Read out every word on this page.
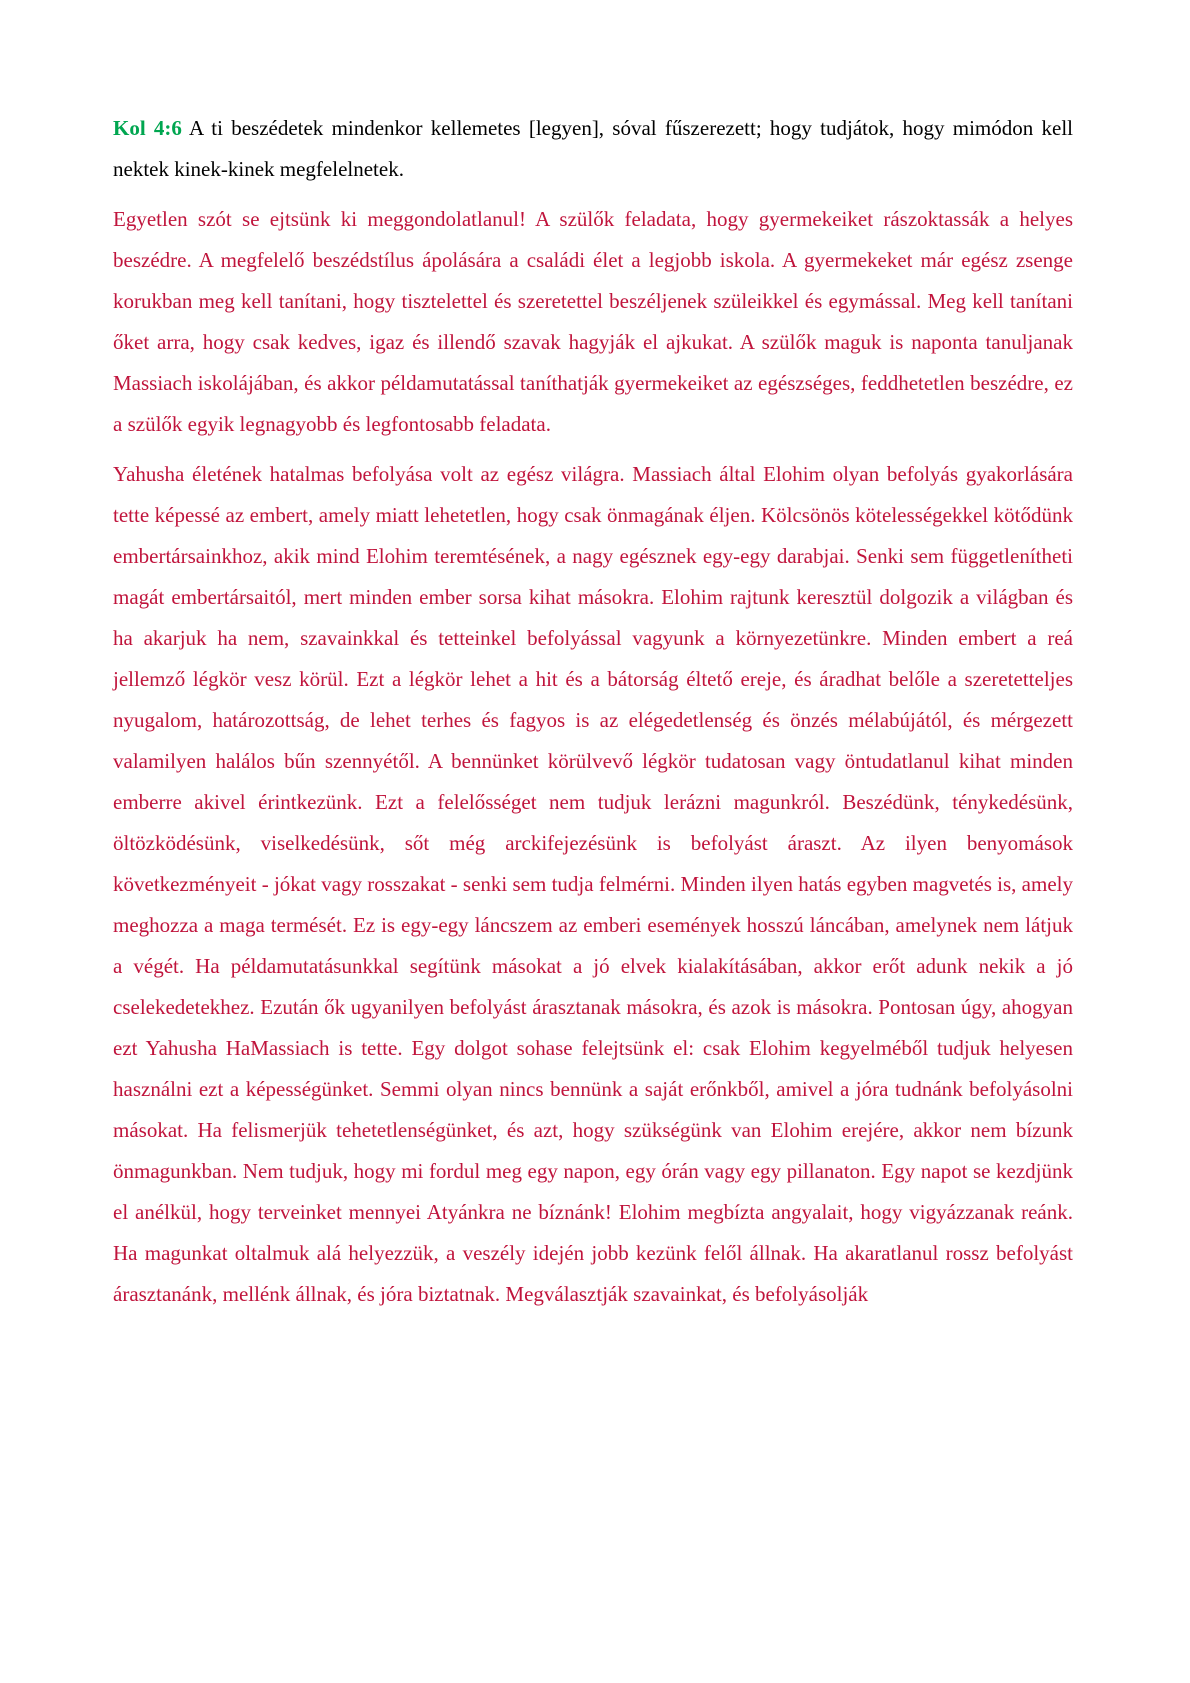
Kol 4:6 A ti beszédetek mindenkor kellemetes [legyen], sóval fűszerezett; hogy tudjátok, hogy mimódon kell nektek kinek-kinek megfelelnetek.

Egyetlen szót se ejtsünk ki meggondolatlanul! A szülők feladata, hogy gyermekeiket rászoktassák a helyes beszédre. A megfelelő beszédstílus ápolására a családi élet a legjobb iskola. A gyermekeket már egész zsenge korukban meg kell tanítani, hogy tisztelettel és szeretettel beszéljenek szüleikkel és egymással. Meg kell tanítani őket arra, hogy csak kedves, igaz és illendő szavak hagyják el ajkukat. A szülők maguk is naponta tanuljanak Massiach iskolájában, és akkor példamutatással taníthatják gyermekeiket az egészséges, feddhetetlen beszédre, ez a szülők egyik legnagyobb és legfontosabb feladata.

Yahusha életének hatalmas befolyása volt az egész világra. Massiach által Elohim olyan befolyás gyakorlására tette képessé az embert, amely miatt lehetetlen, hogy csak önmagának éljen. Kölcsönös kötelességekkel kötődünk embertársainkhoz, akik mind Elohim teremtésének, a nagy egésznek egy-egy darabjai. Senki sem függetlenítheti magát embertársaitól, mert minden ember sorsa kihat másokra. Elohim rajtunk keresztül dolgozik a világban és ha akarjuk ha nem, szavainkkal és tetteinkel befolyással vagyunk a környezetünkre. Minden embert a reá jellemző légkör vesz körül. Ezt a légkör lehet a hit és a bátorság éltető ereje, és áradhat belőle a szeretetteljes nyugalom, határozottság, de lehet terhes és fagyos is az elégedetlenség és önzés mélabújától, és mérgezett valamilyen halálos bűn szennyétől. A bennünket körülvevő légkör tudatosan vagy öntudatlanul kihat minden emberre akivel érintkezünk. Ezt a felelősséget nem tudjuk lerázni magunkról. Beszédünk, ténykedésünk, öltözködésünk, viselkedésünk, sőt még arckifejezésünk is befolyást áraszt. Az ilyen benyomások következményeit - jókat vagy rosszakat - senki sem tudja felmérni. Minden ilyen hatás egyben magvetés is, amely meghozza a maga termését. Ez is egy-egy láncszem az emberi események hosszú láncában, amelynek nem látjuk a végét. Ha példamutatásunkkal segítünk másokat a jó elvek kialakításában, akkor erőt adunk nekik a jó cselekedetekhez. Ezután ők ugyanilyen befolyást árasztanak másokra, és azok is másokra. Pontosan úgy, ahogyan ezt Yahusha HaMassiach is tette. Egy dolgot sohase felejtsünk el: csak Elohim kegyelméből tudjuk helyesen használni ezt a képességünket. Semmi olyan nincs bennünk a saját erőnkből, amivel a jóra tudnánk befolyásolni másokat. Ha felismerjük tehetetlenségünket, és azt, hogy szükségünk van Elohim erejére, akkor nem bízunk önmagunkban. Nem tudjuk, hogy mi fordul meg egy napon, egy órán vagy egy pillanaton. Egy napot se kezdjünk el anélkül, hogy terveinket mennyei Atyánkra ne bíznánk! Elohim megbízta angyalait, hogy vigyázzanak reánk. Ha magunkat oltalmuk alá helyezzük, a veszély idején jobb kezünk felől állnak. Ha akaratlanul rossz befolyást árasztanánk, mellénk állnak, és jóra biztatnak. Megválasztják szavainkat, és befolyásolják
